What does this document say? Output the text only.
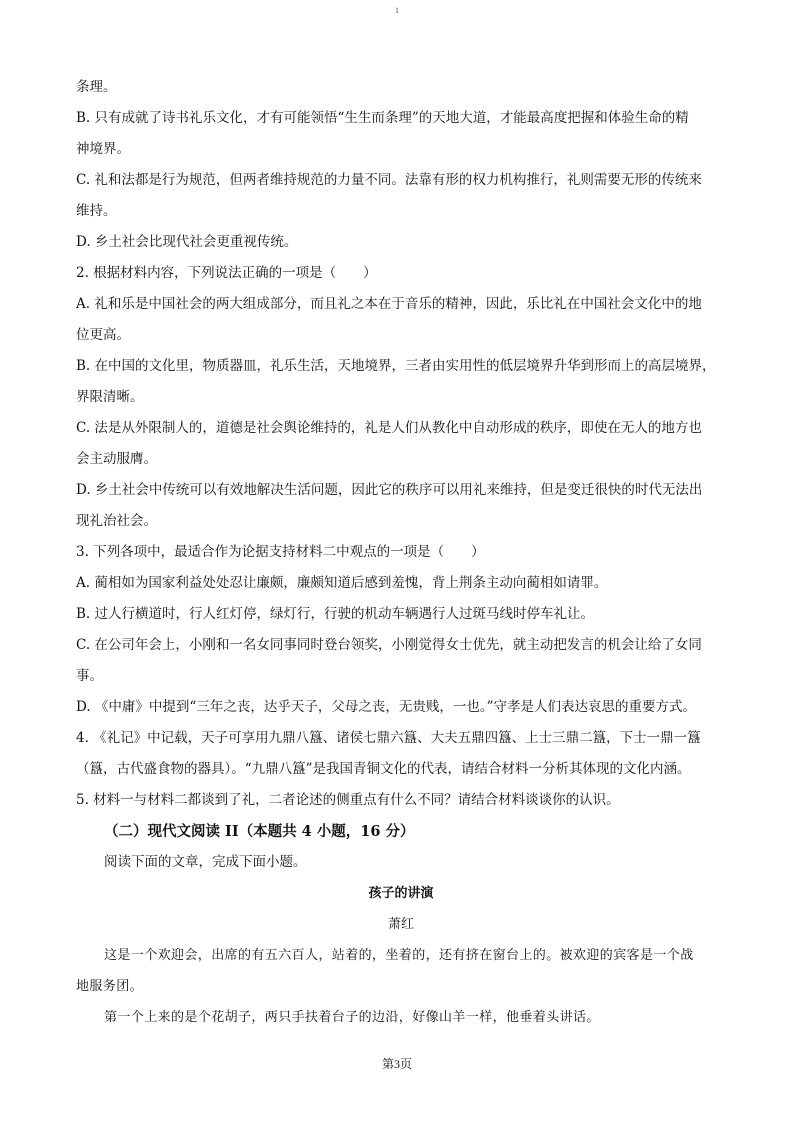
1
条理。
B. 只有成就了诗书礼乐文化，才有可能领悟“生生而条理”的天地大道，才能最高度把握和体验生命的精
神境界。
C. 礼和法都是行为规范，但两者维持规范的力量不同。法靠有形的权力机构推行，礼则需要无形的传统来
维持。
D. 乡土社会比现代社会更重视传统。
2. 根据材料内容，下列说法正确的一项是（　　）
A. 礼和乐是中国社会的两大组成部分，而且礼之本在于音乐的精神，因此，乐比礼在中国社会文化中的地
位更高。
B. 在中国的文化里，物质器皿，礼乐生活，天地境界，三者由实用性的低层境界升华到形而上的高层境界，
界限清晰。
C. 法是从外限制人的，道德是社会舆论维持的，礼是人们从教化中自动形成的秩序，即使在无人的地方也
会主动服膺。
D. 乡土社会中传统可以有效地解决生活问题，因此它的秩序可以用礼来维持，但是变迁很快的时代无法出
现礼治社会。
3. 下列各项中，最适合作为论据支持材料二中观点的一项是（　　）
A. 蔺相如为国家利益处处忍让廉颇，廉颇知道后感到羞愧，背上荆条主动向蔺相如请罪。
B. 过人行横道时，行人红灯停，绿灯行，行驶的机动车辆遇行人过斑马线时停车礼让。
C. 在公司年会上，小刚和一名女同事同时登台领奖，小刚觉得女士优先，就主动把发言的机会让给了女同
事。
D. 《中庸》中提到“三年之丧，达乎天子，父母之丧，无贵贱，一也。”守孝是人们表达哀思的重要方式。
4. 《礼记》中记载，天子可享用九鼎八簋、诸侯七鼎六簋、大夫五鼎四簋、上士三鼎二簋，下士一鼎一簋
（簋，古代盛食物的器具）。“九鼎八簋”是我国青铜文化的代表，请结合材料一分析其体现的文化内涵。
5. 材料一与材料二都谈到了礼，二者论述的侧重点有什么不同？请结合材料谈谈你的认识。
（二）现代文阅读 II（本题共 4 小题，16 分）
阅读下面的文章，完成下面小题。
孩子的讲演
萧红
这是一个欢迎会，出席的有五六百人，站着的，坐着的，还有挤在窗台上的。被欢迎的宾客是一个战
地服务团。
第一个上来的是个花胡子，两只手扶着台子的边沿，好像山羊一样，他垂着头讲话。
第3页
